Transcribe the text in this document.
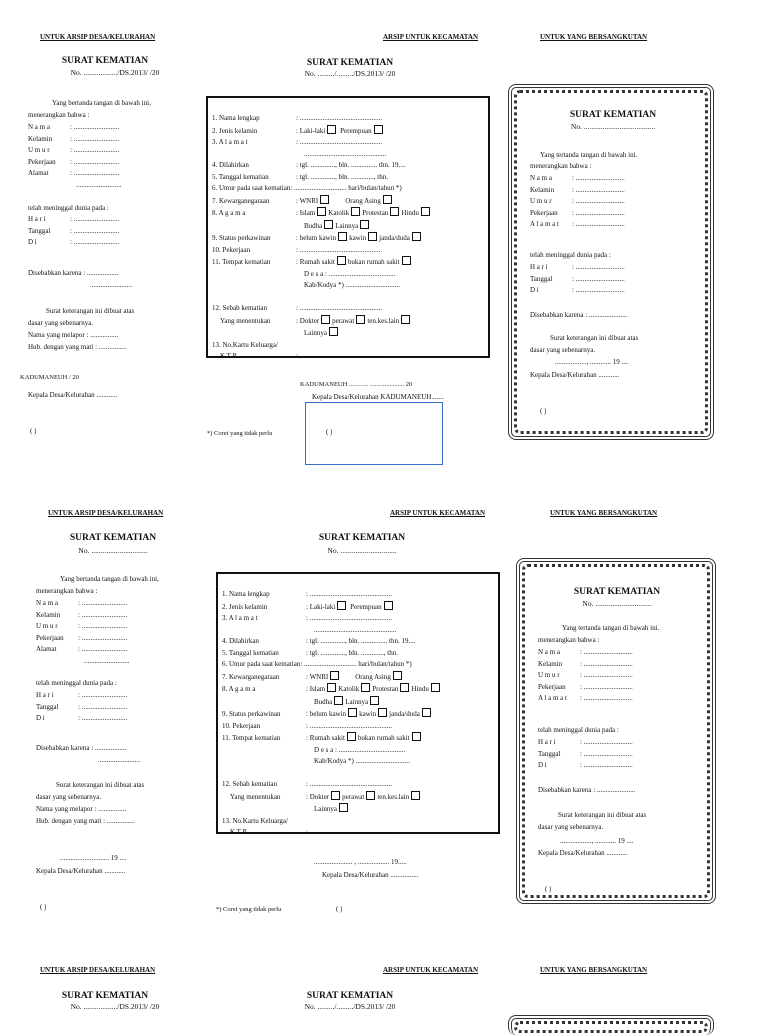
UNTUK ARSIP DESA/KELURAHAN
SURAT KEMATIAN
No. ................../DS.2013/ /20
Yang bertanda tangan di bawah ini,
menerangkan bahwa :
N a m a	: ..........................
Kelamin	: ..........................
U m u r	: ..........................
Pekerjaan : ..........................
Alamat	: ..........................
..........................
telah meninggal dunia pada :
H a r i	: ..........................
Tanggal	: ..........................
D i	: ..........................
Disebabkan karena : ..................
........................
Surat keterangan ini dibuat atas
dasar yang sebenarnya.
Nama yang melapor : ................
Hub. dengan yang mati : ................
KADUMANEUH / 20
Kepala Desa/Kelurahan ............
( )
ARSIP UNTUK KECAMATAN
SURAT KEMATIAN
No. ........./........./DS.2013/ /20
1. Nama lengkap	: ...............................................
2. Jenis kelamin	: Laki-laki Perempuan
3. A l a m a t	: ...............................................
...............................................
4. Dilahirkan	: tgl. .............., bln. ............... thn. 19....
5. Tanggal kematian	: tgl. .............., bln. ............., thn.
6. Umur pada saat kematian: .............................. hari/bulan/tahun *)
7. Kewarganegaraan	: WNRI	Orang Asing
8. A g a m a	: Islam Katolik Protestan Hindu
Budha Lainnya
9. Status perkawinan	: belum kawin kawin janda/duda
10. Pekerjaan	: ...............................................
11. Tempat kematian	: Rumah sakit bukan rumah sakit
D e s a : ......................................
Kab/Kodya *) ...............................

12. Sebab kematian	: ...............................................
Yang menentukan	: Dokter perawat ten.kes.lain
Lainnya
13. No.Kartu Keluarga/
K T P	: ...............................................
KADUMANEUH ............ ..................... 20
Kepala Desa/Kelurahan KADUMANEUH.......
*) Coret yang tidak perlu	( )
UNTUK YANG BERSANGKUTAN
SURAT KEMATIAN
No. ......................................
Yang tertanda tangan di bawah ini.
menerangkan bahwa :
N a m a	: ............................
Kelamin	: ............................
U m u r	: ............................
Pekerjaan : ............................
A l a m a t : ............................
telah meninggal dunia pada :
H a r i	: ............................
Tanggal	: ............................
D i	: ............................
Disebabkan karena : ......................
Surat keterangan ini dibuat atas
dasar yang sebenarnya.
.................., ............ 19 ....
Kepala Desa/Kelurahan ............
( )
UNTUK ARSIP DESA/KELURAHAN
SURAT KEMATIAN
No. ..............................
Yang bertanda tangan di bawah ini,
menerangkan bahwa :
N a m a	: ..........................
Kelamin	: ..........................
U m u r	: ..........................
Pekerjaan : ..........................
Alamat	: ..........................
..........................
telah meninggal dunia pada :
H a r i	: ..........................
Tanggal	: ..........................
D i	: ..........................
Disebabkan karena : ..................
........................
Surat keterangan ini dibuat atas
dasar yang sebenarnya.
Nama yang melapor : ................
Hub. dengan yang mati : ................
............................ 19 ....
Kepala Desa/Kelurahan ............
( )
ARSIP UNTUK KECAMATAN
SURAT KEMATIAN
No. ..............................
1. Nama lengkap	: ...............................................
2. Jenis kelamin	: Laki-laki Perempuan
3. A l a m a t	: ...............................................
...............................................
4. Dilahirkan	: tgl. .............., bln. ............... thn. 19....
5. Tanggal kematian	: tgl. .............., bln. ............., thn.
6. Umur pada saat kematian: .............................. hari/bulan/tahun *)
7. Kewarganegaraan	: WNRI	Orang Asing
8. A g a m a	: Islam Katolik Protestan Hindu
Budha Lainnya
9. Status perkawinan	: belum kawin kawin janda/duda
10. Pekerjaan	: ...............................................
11. Tempat kematian	: Rumah sakit bukan rumah sakit
D e s a : ......................................
Kab/Kodya *) ...............................

12. Sebab kematian	: ...............................................
Yang menentukan	: Dokter perawat ten.kes.lain
Lainnya
13. No.Kartu Keluarga/
K T P	: ...............................................
...................... , .................. 19.....
Kepala Desa/Kelurahan ................
*) Coret yang tidak perlu	( )
UNTUK YANG BERSANGKUTAN
SURAT KEMATIAN
No. ..............................
Yang tertanda tangan di bawah ini.
menerangkan bahwa :
N a m a	: ............................
Kelamin	: ............................
U m u r	: ............................
Pekerjaan : ............................
A l a m a t : ............................
telah meninggal dunia pada :
H a r i	: ............................
Tanggal	: ............................
D i	: ............................
Disebabkan karena : ......................
Surat keterangan ini dibuat atas
dasar yang sebenarnya.
.................., ............ 19 ....
Kepala Desa/Kelurahan ............
( )
UNTUK ARSIP DESA/KELURAHAN
SURAT KEMATIAN
No. ................../DS.2013/ /20
ARSIP UNTUK KECAMATAN
SURAT KEMATIAN
No. ........./........./DS.2013/ /20
UNTUK YANG BERSANGKUTAN
